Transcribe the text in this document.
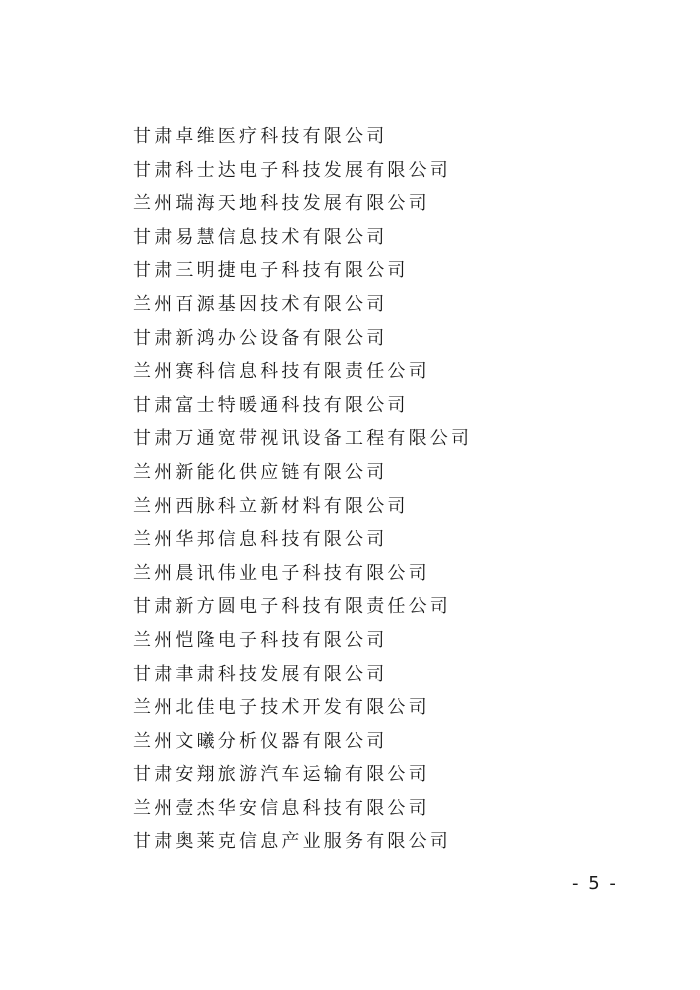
甘肃卓维医疗科技有限公司
甘肃科士达电子科技发展有限公司
兰州瑞海天地科技发展有限公司
甘肃易慧信息技术有限公司
甘肃三明捷电子科技有限公司
兰州百源基因技术有限公司
甘肃新鸿办公设备有限公司
兰州赛科信息科技有限责任公司
甘肃富士特暖通科技有限公司
甘肃万通宽带视讯设备工程有限公司
兰州新能化供应链有限公司
兰州西脉科立新材料有限公司
兰州华邦信息科技有限公司
兰州晨讯伟业电子科技有限公司
甘肃新方圆电子科技有限责任公司
兰州恺隆电子科技有限公司
甘肃聿肃科技发展有限公司
兰州北佳电子技术开发有限公司
兰州文曦分析仪器有限公司
甘肃安翔旅游汽车运输有限公司
兰州壹杰华安信息科技有限公司
甘肃奥莱克信息产业服务有限公司
- 5 -
